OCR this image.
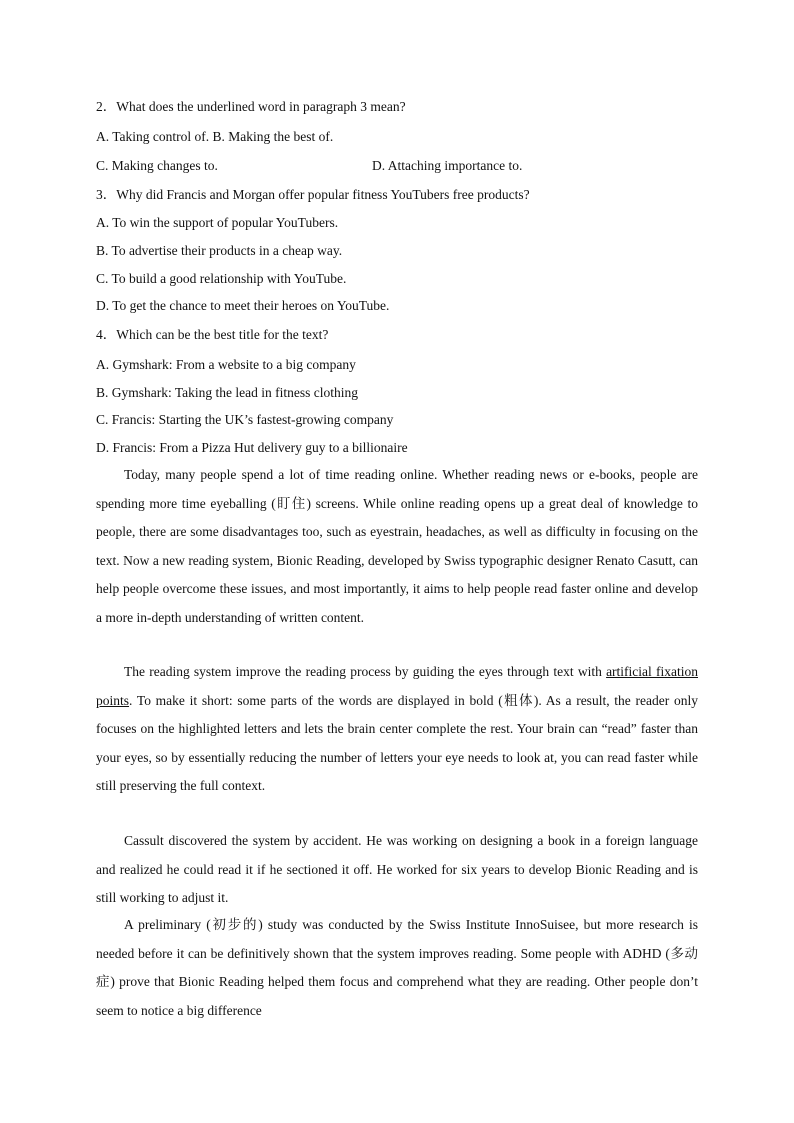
2．What does the underlined word in paragraph 3 mean?
A. Taking control of. B. Making the best of.
C. Making changes to.	D. Attaching importance to.
3．Why did Francis and Morgan offer popular fitness YouTubers free products?
A. To win the support of popular YouTubers.
B. To advertise their products in a cheap way.
C. To build a good relationship with YouTube.
D. To get the chance to meet their heroes on YouTube.
4．Which can be the best title for the text?
A. Gymshark: From a website to a big company
B. Gymshark: Taking the lead in fitness clothing
C. Francis: Starting the UK’s fastest-growing company
D. Francis: From a Pizza Hut delivery guy to a billionaire
Today, many people spend a lot of time reading online. Whether reading news or e-books, people are spending more time eyeballing (盯住) screens. While online reading opens up a great deal of knowledge to people, there are some disadvantages too, such as eyestrain, headaches, as well as difficulty in focusing on the text. Now a new reading system, Bionic Reading, developed by Swiss typographic designer Renato Casutt, can help people overcome these issues, and most importantly, it aims to help people read faster online and develop a more in-depth understanding of written content.
The reading system improve the reading process by guiding the eyes through text with artificial fixation points. To make it short: some parts of the words are displayed in bold (粗体). As a result, the reader only focuses on the highlighted letters and lets the brain center complete the rest. Your brain can “read” faster than your eyes, so by essentially reducing the number of letters your eye needs to look at, you can read faster while still preserving the full context.
Cassult discovered the system by accident. He was working on designing a book in a foreign language and realized he could read it if he sectioned it off. He worked for six years to develop Bionic Reading and is still working to adjust it.
A preliminary (初步的) study was conducted by the Swiss Institute InnoSuisee, but more research is needed before it can be definitively shown that the system improves reading. Some people with ADHD (多动症) prove that Bionic Reading helped them focus and comprehend what they are reading. Other people don’t seem to notice a big difference
